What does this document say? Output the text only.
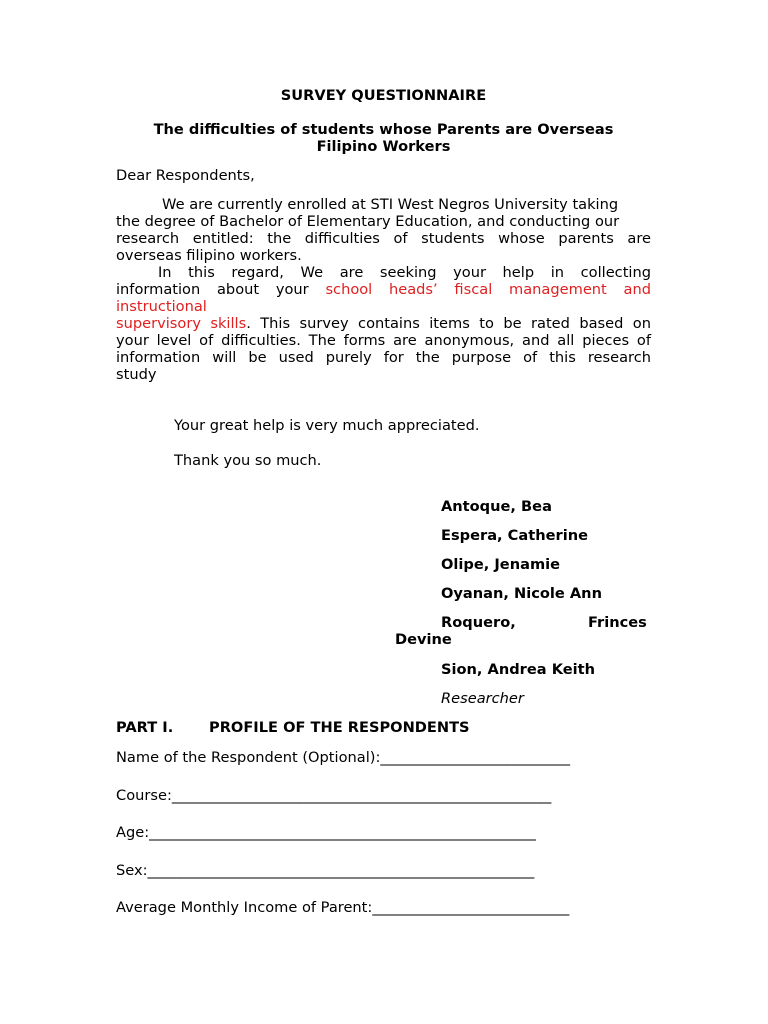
SURVEY QUESTIONNAIRE
The difficulties of students whose Parents are Overseas
Filipino Workers
Dear Respondents,
We are currently enrolled at STI West Negros University taking
the degree of Bachelor of Elementary Education, and conducting our
research entitled: the difficulties of students whose parents are
overseas filipino workers.
In this regard, We are seeking your help in collecting
information about your school heads’ fiscal management and
instructional
supervisory skills. This survey contains items to be rated based on
your level of difficulties. The forms are anonymous, and all pieces of
information will be used purely for the purpose of this research
study
Your great help is very much appreciated.
Thank you so much.
Antoque, Bea
Espera, Catherine
Olipe, Jenamie
Oyanan, Nicole Ann
Roquero,	Frinces
Devine
Sion, Andrea Keith
Researcher
PART I. PROFILE OF THE RESPONDENTS
Name of the Respondent (Optional):__________________________
Course:____________________________________________________
Age:_____________________________________________________
Sex:_____________________________________________________
Average Monthly Income of Parent:___________________________
